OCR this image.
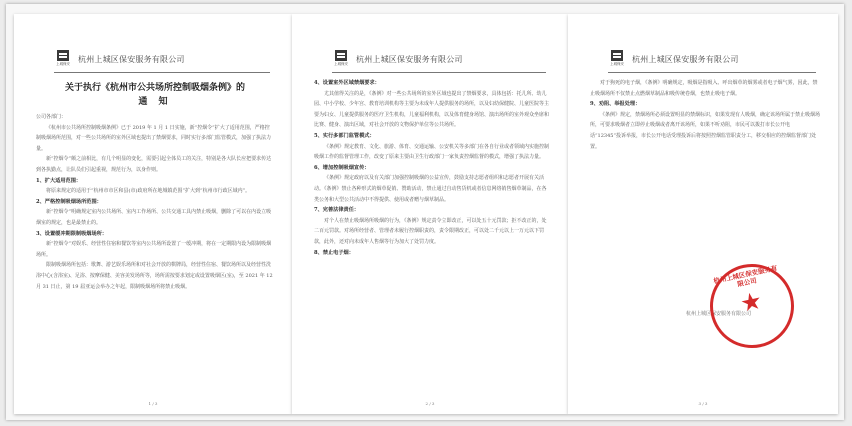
上城保安	杭州上城区保安服务有限公司
关于执行《杭州市公共场所控制吸烟条例》的
通 知
公司各部门：
《杭州市公共场所控制吸烟条例》已于 2019 年 1 月 1 日实施，新“控烟令”扩大了适用范围，严格控制吸烟场所范围，对一些公共场所的室外区域也提出了禁烟要求，同时实行多部门监管模式，加强了执法力量。
新“控烟令”颇之前相比，有几个明显的变化，需要引起全体员工的关注，特别是各大队长应把要求传达到各执勤点，让队员们引起重视，规范行为，以身作则。
1、扩大适用范围：
将原来规定的适用于“杭州市市区和县(市)政府所在地城镇范围”扩大到“杭州市行政区域内”。
2、严格控制吸烟场所范围：
新“控烟令”明确规定室内公共场所、室内工作场所、公共交通工具内禁止吸烟，删除了可以在内设立吸烟室的规定，也是最禁止的。
3、设置缓冲期限制吸烟场所：
新“控烟令”对娱乐、经营性住宿和餐饮等室内公共场所设置了一缓冲期，将在一定期限内设为限制吸烟场所。
限制吸烟场所包括：歌舞、游艺娱乐场所和对社会开放的棋牌局，经营性住宿、餐饮场所以及经营性洗浴中心(含浴室)、足浴、按摩保健、美容美发场所等，场所需按要求划定或设置吸烟区(室)，至 2021 年 12 月 31 日止，第 19 届亚运会举办之年起，限制吸烟场所将禁止吸烟。
1 / 3
上城保安	杭州上城区保安服务有限公司
4、设置室外区域禁烟要求：
尤其值得关注的是，《条例》对一些公共场所的室外区域也提出了禁烟要求，具体包括：托儿所、幼儿园、中小学校、少年宫、教育培训机构等主要为未成年人提供服务的场所，以及妇幼保健院、儿童医院等主要为妇女、儿童提供服务的医疗卫生机构，儿童福利机构，以及体育健身场馆、演出场所的室外观众坐席和比赛、健身、演出区域，对社会开放的文物保护单位等公共场所。
5、实行多部门监管模式：
《条例》规定教育、文化、旅游、体育、交通运输、公安机关等多部门在各自行业或者领域内实施控制吸烟工作的监督管理工作，改变了原来主要由卫生行政部门一家负责控烟监督的模式，增强了执法力量。
6、增加控制吸烟宣传：
《条例》规定政府以及有关部门加强控制吸烟的公益宣传，鼓励支持志愿者组织和志愿者开展有关活动。《条例》禁止各种形式的烟草促销、赞助活动，禁止通过自动售货机或者信息网络销售烟草制品，在各类公务和大型公共活动中不得提供、使用或者赠与烟草制品。
7、完善法律责任：
对个人在禁止吸烟场所吸烟的行为，《条例》规定责令立即改正，可以处五十元罚款；拒不改正的，处二百元罚款。对场所经营者、管理者未履行控烟职责的，责令限期改正，可以处二千元以上一万元以下罚款，此外，还对向未成年人售烟等行为加大了处罚力度。
8、禁止电子烟：
2 / 3
上城保安	杭州上城区保安服务有限公司
对于狗死的电子烟，《条例》明确规定，吸烟是指吸入、呼出烟草的烟雾或者电子烟气雾，因此，禁止吸烟场所不仅禁止点燃烟草制品和吸传统卷烟，也禁止吸电子烟。
9、劝阻、举报处理：
《条例》规定，禁烟场所必须设置明显的禁烟标识，如果发现有人吸烟，确定该场所属于禁止吸烟场所，可要求吸烟者立即停止吸烟或者离开该场所，如果不听劝阻，市民可以拨打市长公开电话“12345”投诉举报，市长公开电话受理投诉后将按照控烟监管职责分工，移交相应的控烟监督部门处置。
杭州上城区保安服务有限公司
杭州上城区保安服务有限公司
★
3 / 3
